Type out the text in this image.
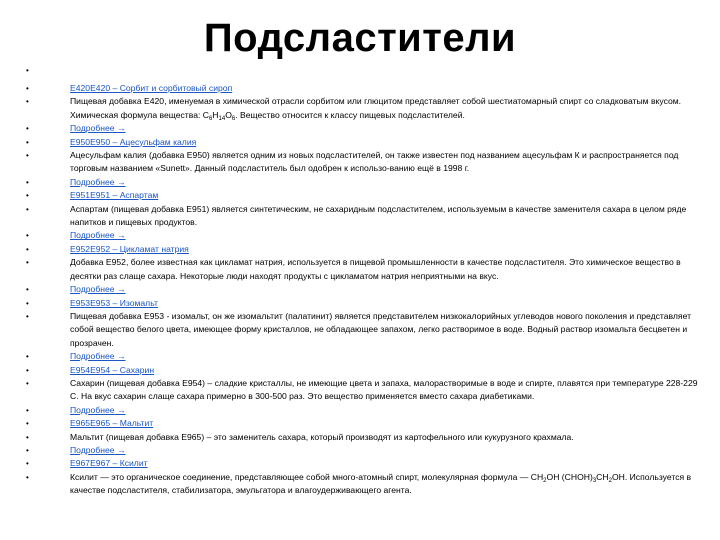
Подсластители
•
•	E420E420 – Сорбит и сорбитовый сироп
•	Пищевая добавка Е420, именуемая в химической отрасли сорбитом или глюцитом представляет собой шестиатомарный спирт со сладковатым вкусом. Химическая формула вещества: $С_6H_{14}O_6$. Вещество относится к классу пищевых подсластителей.
•	Подробнее →
•	E950E950 – Ацесульфам калия
•	Ацесульфам калия (добавка Е950) является одним из новых подсластителей, он также известен под названием ацесульфам К и распространяется под торговым названием «Sunett». Данный подсластитель был одобрен к использо-ванию ещё в 1998 г.
•	Подробнее →
•	E951E951 – Аспартам
•	Аспартам (пищевая добавка Е951) является синтетическим, не сахаридным подсластителем, используемым в качестве заменителя сахара в целом ряде напитков и пищевых продуктов.
•	Подробнее →
•	E952E952 – Цикламат натрия
•	Добавка Е952, более известная как цикламат натрия, используется в пищевой промышленности в качестве подсластителя. Это химическое вещество в десятки раз слаще сахара. Некоторые люди находят продукты с цикламатом натрия неприятными на вкус.
•	Подробнее →
•	E953E953 – Изомальт
•	Пищевая добавка E953 - изомальт, он же изомальтит (палатинит) является представителем низкокалорийных углеводов нового поколения и представляет собой вещество белого цвета, имеющее форму кристаллов, не обладающее запахом, легко растворимое в воде. Водный раствор изомальта бесцветен и прозрачен.
•	Подробнее →
•	E954E954 – Сахарин
•	Сахарин (пищевая добавка Е954) – сладкие кристаллы, не имеющие цвета и запаха, малорастворимые в воде и спирте, плавятся при температуре 228-229 C. На вкус сахарин слаще сахара примерно в 300-500 раз. Это вещество применяется вместо сахара диабетиками.
•	Подробнее →
•	E965E965 – Мальтит
•	Мальтит (пищевая добавка E965) – это заменитель сахара, который производят из картофельного или кукурузного крахмала.
•	Подробнее →
•	E967E967 – Ксилит
•	Ксилит — это органическое соединение, представляющее собой много-атомный спирт, молекулярная формула — $CH_2OH$ $(CHOH)_3CH_2OH$. Используется в качестве подсластителя, стабилизатора, эмульгатора и влагоудерживающего агента.
